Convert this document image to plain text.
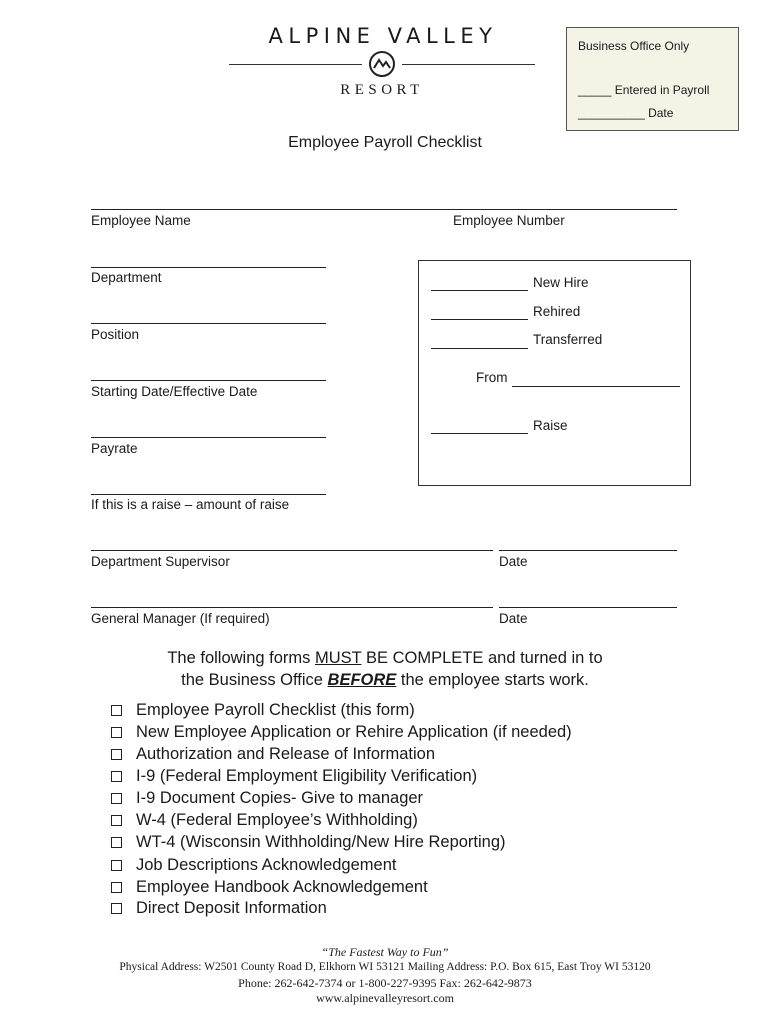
ALPINE VALLEY
RESORT
Business Office Only
_____ Entered in Payroll
__________ Date
Employee Payroll Checklist
Employee Name	Employee Number
Department
Position
Starting Date/Effective Date
Payrate
If this is a raise – amount of raise
New Hire
Rehired
Transferred
From
Raise
Department Supervisor	Date
General Manager (If required)	Date
The following forms MUST BE COMPLETE and turned in to
the Business Office BEFORE the employee starts work.
Employee Payroll Checklist (this form)
New Employee Application or Rehire Application (if needed)
Authorization and Release of Information
I-9 (Federal Employment Eligibility Verification)
I-9 Document Copies- Give to manager
W-4 (Federal Employee’s Withholding)
WT-4 (Wisconsin Withholding/New Hire Reporting)
Job Descriptions Acknowledgement
Employee Handbook Acknowledgement
Direct Deposit Information
“The Fastest Way to Fun”
Physical Address: W2501 County Road D, Elkhorn WI 53121 Mailing Address: P.O. Box 615, East Troy WI 53120
Phone: 262-642-7374 or 1-800-227-9395 Fax: 262-642-9873
www.alpinevalleyresort.com
